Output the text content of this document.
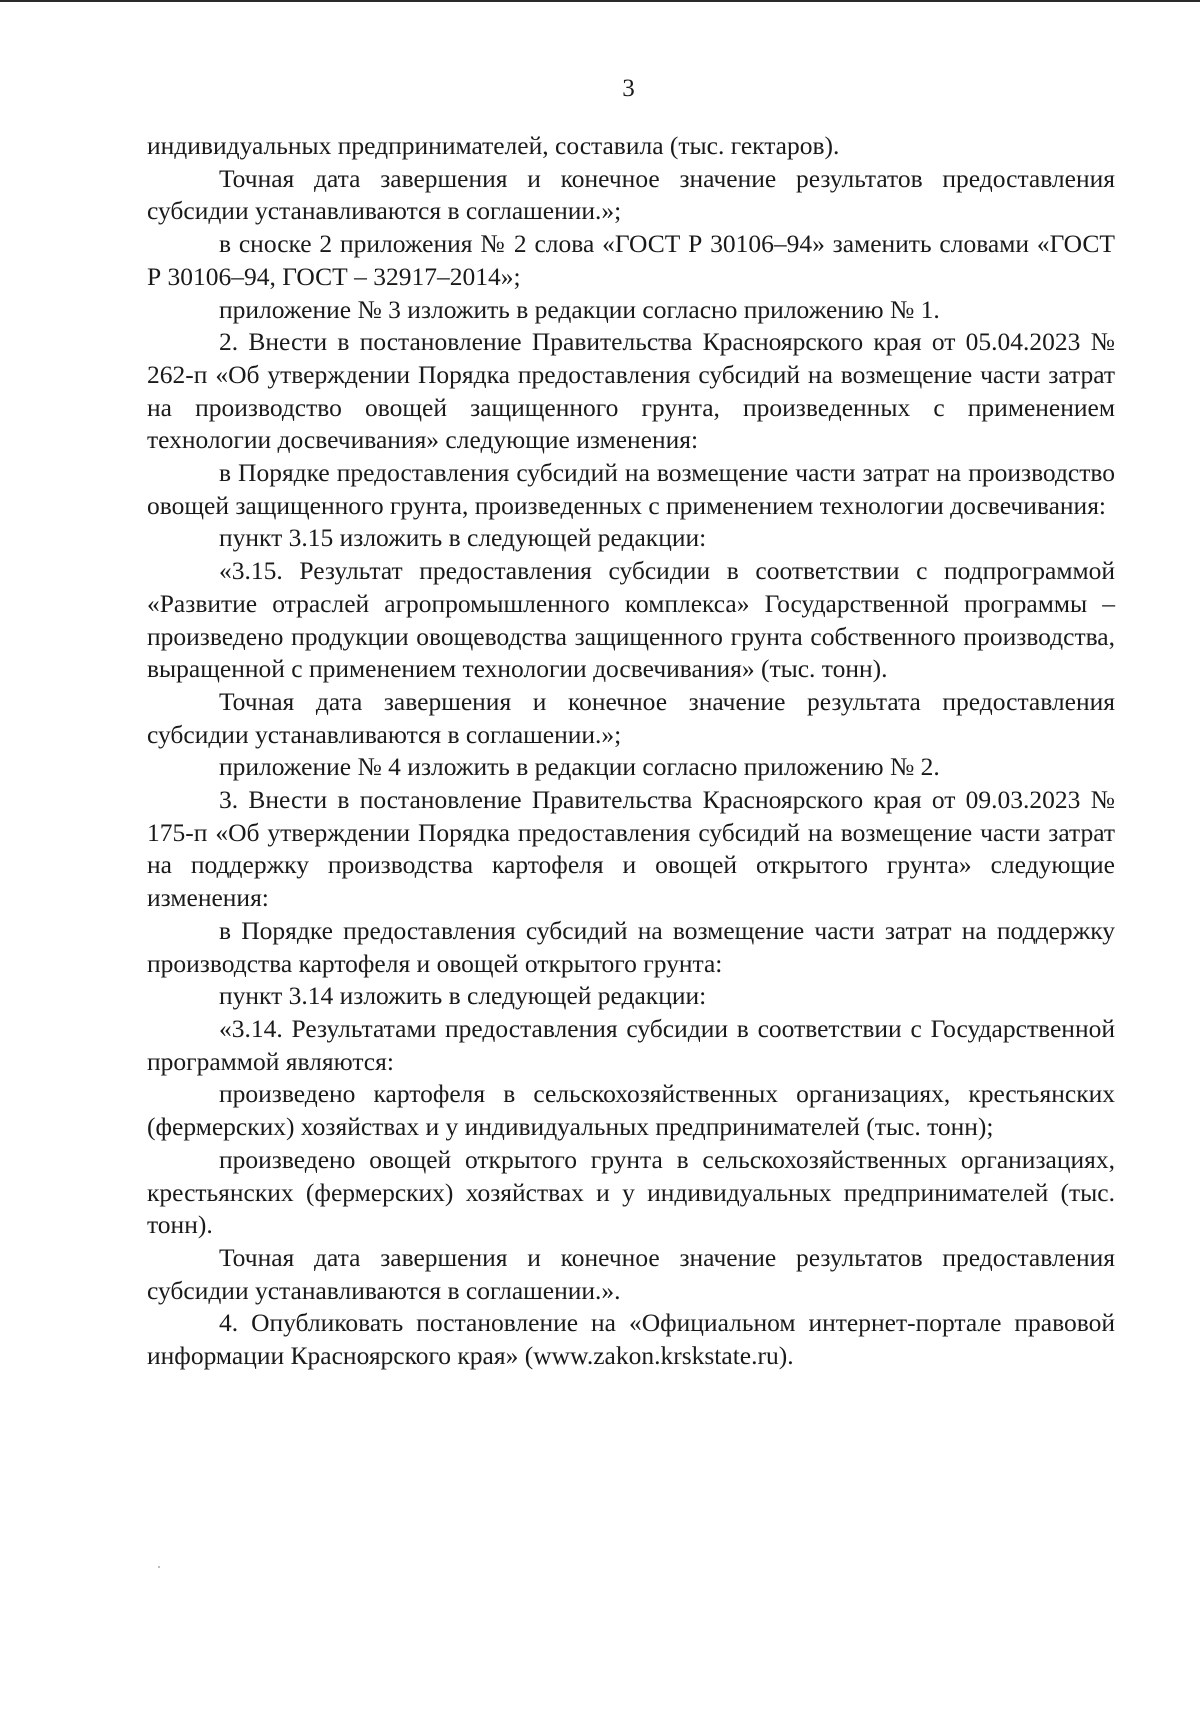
3

индивидуальных предпринимателей, составила (тыс. гектаров).

Точная дата завершения и конечное значение результатов предоставления субсидии устанавливаются в соглашении.»;

в сноске 2 приложения № 2 слова «ГОСТ Р 30106–94» заменить словами «ГОСТ Р 30106–94, ГОСТ – 32917–2014»;

приложение № 3 изложить в редакции согласно приложению № 1.

2. Внести в постановление Правительства Красноярского края от 05.04.2023 № 262-п «Об утверждении Порядка предоставления субсидий на возмещение части затрат на производство овощей защищенного грунта, произведенных с применением технологии досвечивания» следующие изменения:

в Порядке предоставления субсидий на возмещение части затрат на производство овощей защищенного грунта, произведенных с применением технологии досвечивания:

пункт 3.15 изложить в следующей редакции:

«3.15. Результат предоставления субсидии в соответствии с подпрограммой «Развитие отраслей агропромышленного комплекса» Государственной программы – произведено продукции овощеводства защищенного грунта собственного производства, выращенной с применением технологии досвечивания» (тыс. тонн).

Точная дата завершения и конечное значение результата предоставления субсидии устанавливаются в соглашении.»;

приложение № 4 изложить в редакции согласно приложению № 2.

3. Внести в постановление Правительства Красноярского края от 09.03.2023 № 175-п «Об утверждении Порядка предоставления субсидий на возмещение части затрат на поддержку производства картофеля и овощей открытого грунта» следующие изменения:

в Порядке предоставления субсидий на возмещение части затрат на поддержку производства картофеля и овощей открытого грунта:

пункт 3.14 изложить в следующей редакции:

«3.14. Результатами предоставления субсидии в соответствии с Государственной программой являются:

произведено картофеля в сельскохозяйственных организациях, крестьянских (фермерских) хозяйствах и у индивидуальных предпринимателей (тыс. тонн);

произведено овощей открытого грунта в сельскохозяйственных организациях, крестьянских (фермерских) хозяйствах и у индивидуальных предпринимателей (тыс. тонн).

Точная дата завершения и конечное значение результатов предоставления субсидии устанавливаются в соглашении.».

4. Опубликовать постановление на «Официальном интернет-портале правовой информации Красноярского края» (www.zakon.krskstate.ru).
